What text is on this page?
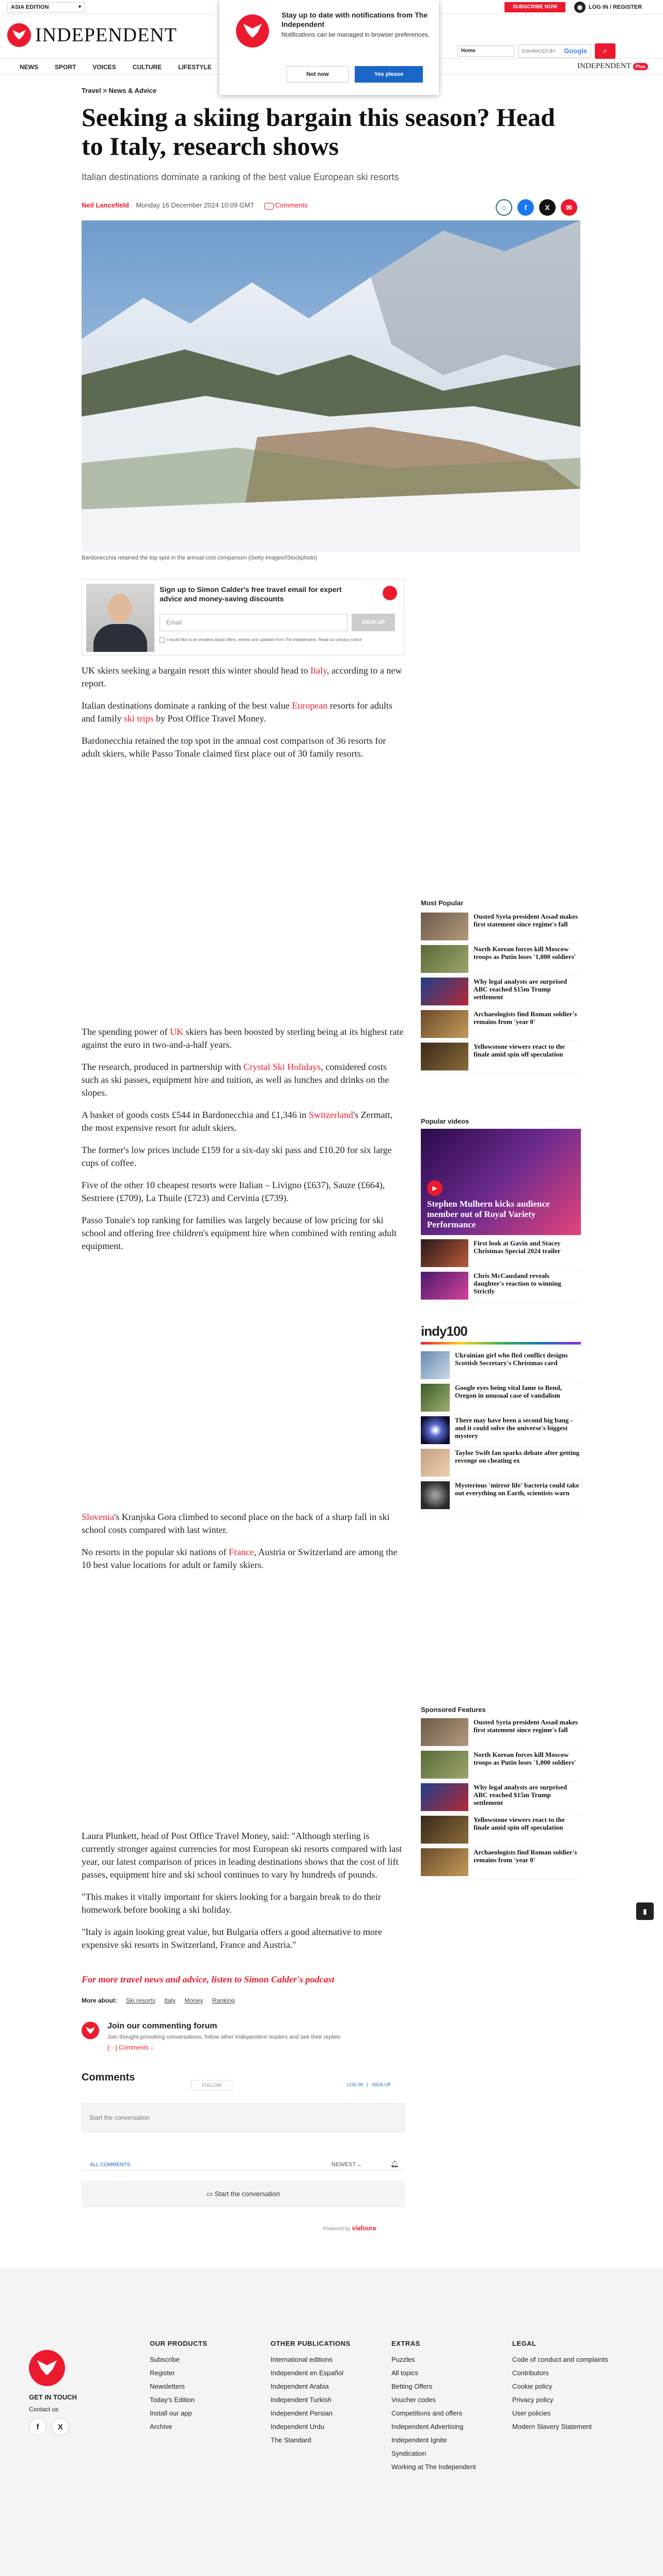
ASIA EDITION	▾	SUBSCRIBE NOW	◉	LOG IN / REGISTER
INDEPENDENT
Home	ENHANCED BY Google ⌕
NEWS	SPORT	VOICES	CULTURE	LIFESTYLE	INDEPENDENT	Plus
Stay up to date with notifications from The Independent
Notifications can be managed in browser preferences.
Not now	Yes please
Travel > News & Advice
Seeking a skiing bargain this season? Head to Italy, research shows
Italian destinations dominate a ranking of the best value European ski resorts
Neil Lancefield Monday 16 December 2024 10:09 GMT ··· Comments	⌂	f	X	✉
Bardonecchia retained the top spot in the annual cost comparison (Getty Images/iStockphoto)
Sign up to Simon Calder's free travel email for expert advice and money-saving discounts
Email	SIGN UP
I would like to be emailed about offers, events and updates from The Independent. Read our privacy notice

UK skiers seeking a bargain resort this winter should head to Italy, according to a new report.

Italian destinations dominate a ranking of the best value European resorts for adults and family ski trips by Post Office Travel Money.

Bardonecchia retained the top spot in the annual cost comparison of 36 resorts for adult skiers, while Passo Tonale claimed first place out of 30 family resorts.

The spending power of UK skiers has been boosted by sterling being at its highest rate against the euro in two-and-a-half years.

The research, produced in partnership with Crystal Ski Holidays, considered costs such as ski passes, equipment hire and tuition, as well as lunches and drinks on the slopes.

A basket of goods costs £544 in Bardonecchia and £1,346 in Switzerland's Zermatt, the most expensive resort for adult skiers.

The former's low prices include £159 for a six-day ski pass and £10.20 for six large cups of coffee.

Five of the other 10 cheapest resorts were Italian – Livigno (£637), Sauze (£664), Sestriere (£709), La Thuile (£723) and Cervinia (£739).

Passo Tonale's top ranking for families was largely because of low pricing for ski school and offering free children's equipment hire when combined with renting adult equipment.

Slovenia's Kranjska Gora climbed to second place on the back of a sharp fall in ski school costs compared with last winter.

No resorts in the popular ski nations of France, Austria or Switzerland are among the 10 best value locations for adult or family skiers.

Laura Plunkett, head of Post Office Travel Money, said: "Although sterling is currently stronger against currencies for most European ski resorts compared with last year, our latest comparison of prices in leading destinations shows that the cost of lift passes, equipment hire and ski school continues to vary by hundreds of pounds.

"This makes it vitally important for skiers looking for a bargain break to do their homework before booking a ski holiday.

"Italy is again looking great value, but Bulgaria offers a good alternative to more expensive ski resorts in Switzerland, France and Austria."

For more travel news and advice, listen to Simon Calder's podcast
More about: Ski resorts Italy Money Ranking
Most Popular
Ousted Syria president Assad makes first statement since regime's fall
North Korean forces kill Moscow troops as Putin loses '1,000 soldiers'
Why legal analysts are surprised ABC reached $15m Trump settlement
Archaeologists find Roman soldier's remains from 'year 0'
Yellowstone viewers react to the finale amid spin off speculation
Popular videos
▶
Stephen Mulhern kicks audience member out of Royal Variety Performance
First look at Gavin and Stacey Christmas Special 2024 trailer
Chris McCausland reveals daughter's reaction to winning Strictly
indy100
Ukrainian girl who fled conflict designs Scottish Secretary's Christmas card
Google eyes being vital fame to Bend, Oregon in unusual case of vandalism
There may have been a second big bang - and it could solve the universe's biggest mystery
Taylor Swift fan sparks debate after getting revenge on cheating ex
Mysterious 'mirror life' bacteria could take out everything on Earth, scientists warn
Sponsored Features
Ousted Syria president Assad makes first statement since regime's fall
North Korean forces kill Moscow troops as Putin loses '1,000 soldiers'
Why legal analysts are surprised ABC reached $15m Trump settlement
Yellowstone viewers react to the finale amid spin off speculation
Archaeologists find Roman soldier's remains from 'year 0'
▮
Join our commenting forum
Join thought-provoking conversations, follow other Independent readers and see their replies
[···] Comments ↓
Comments
FOLLOW	LOG IN   |   SIGN UP
Start the conversation
ALL COMMENTS	NEWEST ⌄	🔔︎
▭ Start the conversation
Powered by viafoura
GET IN TOUCH
Contact us
f	X
OUR PRODUCTS
Subscribe
Register
Newsletters
Today's Edition
Install our app
Archive
OTHER PUBLICATIONS
International editions
Independent en Español
Independent Arabia
Independent Turkish
Independent Persian
Independent Urdu
The Standard
EXTRAS
Puzzles
All topics
Betting Offers
Voucher codes
Competitions and offers
Independent Advertising
Independent Ignite
Syndication
Working at The Independent
LEGAL
Code of conduct and complaints
Contributors
Cookie policy
Privacy policy
User policies
Modern Slavery Statement
